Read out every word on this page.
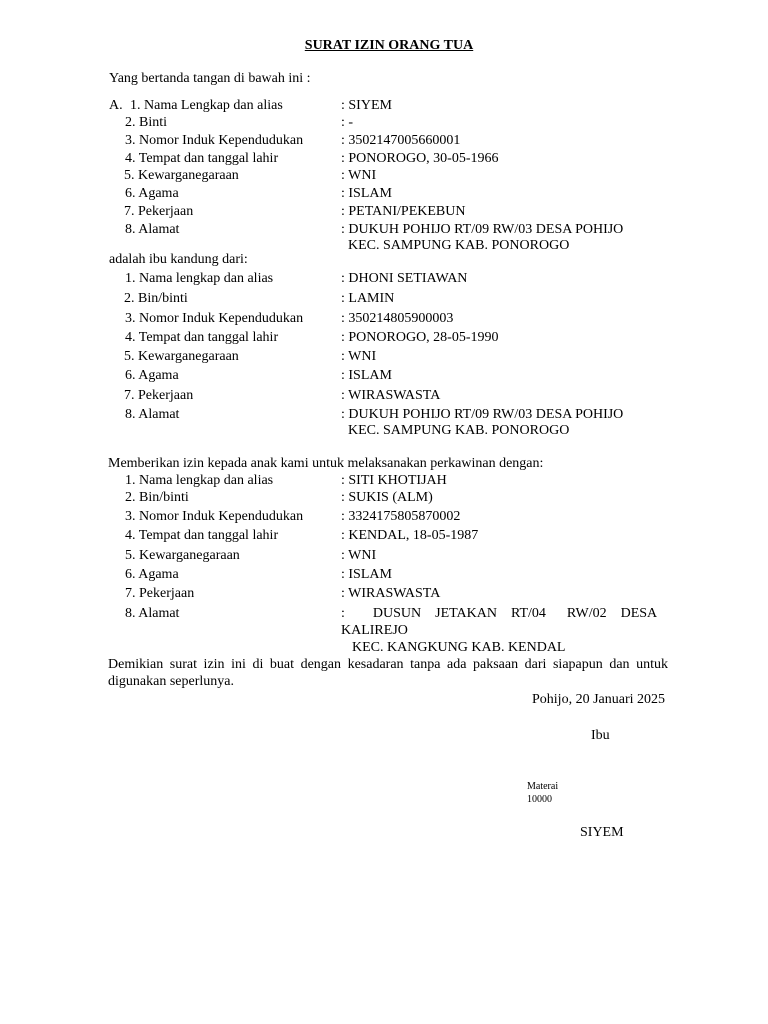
SURAT IZIN ORANG TUA
Yang bertanda tangan di bawah ini :
A. 1. Nama Lengkap dan alias	: SIYEM
2. Binti	: -
3. Nomor Induk Kependudukan	: 3502147005660001
4. Tempat dan tanggal lahir	: PONOROGO, 30-05-1966
5. Kewarganegaraan	: WNI
6. Agama	: ISLAM
7. Pekerjaan	: PETANI/PEKEBUN
8. Alamat	: DUKUH POHIJO RT/09 RW/03 DESA POHIJO
KEC. SAMPUNG KAB. PONOROGO
adalah ibu kandung dari:
1. Nama lengkap dan alias	: DHONI SETIAWAN
2. Bin/binti	: LAMIN
3. Nomor Induk Kependudukan	: 350214805900003
4. Tempat dan tanggal lahir	: PONOROGO, 28-05-1990
5. Kewarganegaraan	: WNI
6. Agama	: ISLAM
7. Pekerjaan	: WIRASWASTA
8. Alamat	: DUKUH POHIJO RT/09 RW/03 DESA POHIJO
KEC. SAMPUNG KAB. PONOROGO
Memberikan izin kepada anak kami untuk melaksanakan perkawinan dengan:
1. Nama lengkap dan alias	: SITI KHOTIJAH
2. Bin/binti	: SUKIS (ALM)
3. Nomor Induk Kependudukan	: 3324175805870002
4. Tempat dan tanggal lahir	: KENDAL, 18-05-1987
5. Kewarganegaraan	: WNI
6. Agama	: ISLAM
7. Pekerjaan	: WIRASWASTA
8. Alamat	:        DUSUN    JETAKAN    RT/04      RW/02    DESA
KALIREJO
KEC. KANGKUNG KAB. KENDAL
Demikian surat izin ini di buat dengan kesadaran tanpa ada paksaan dari siapapun dan untuk
digunakan seperlunya.
Pohijo, 20 Januari 2025
Ibu
Materai
10000
SIYEM
